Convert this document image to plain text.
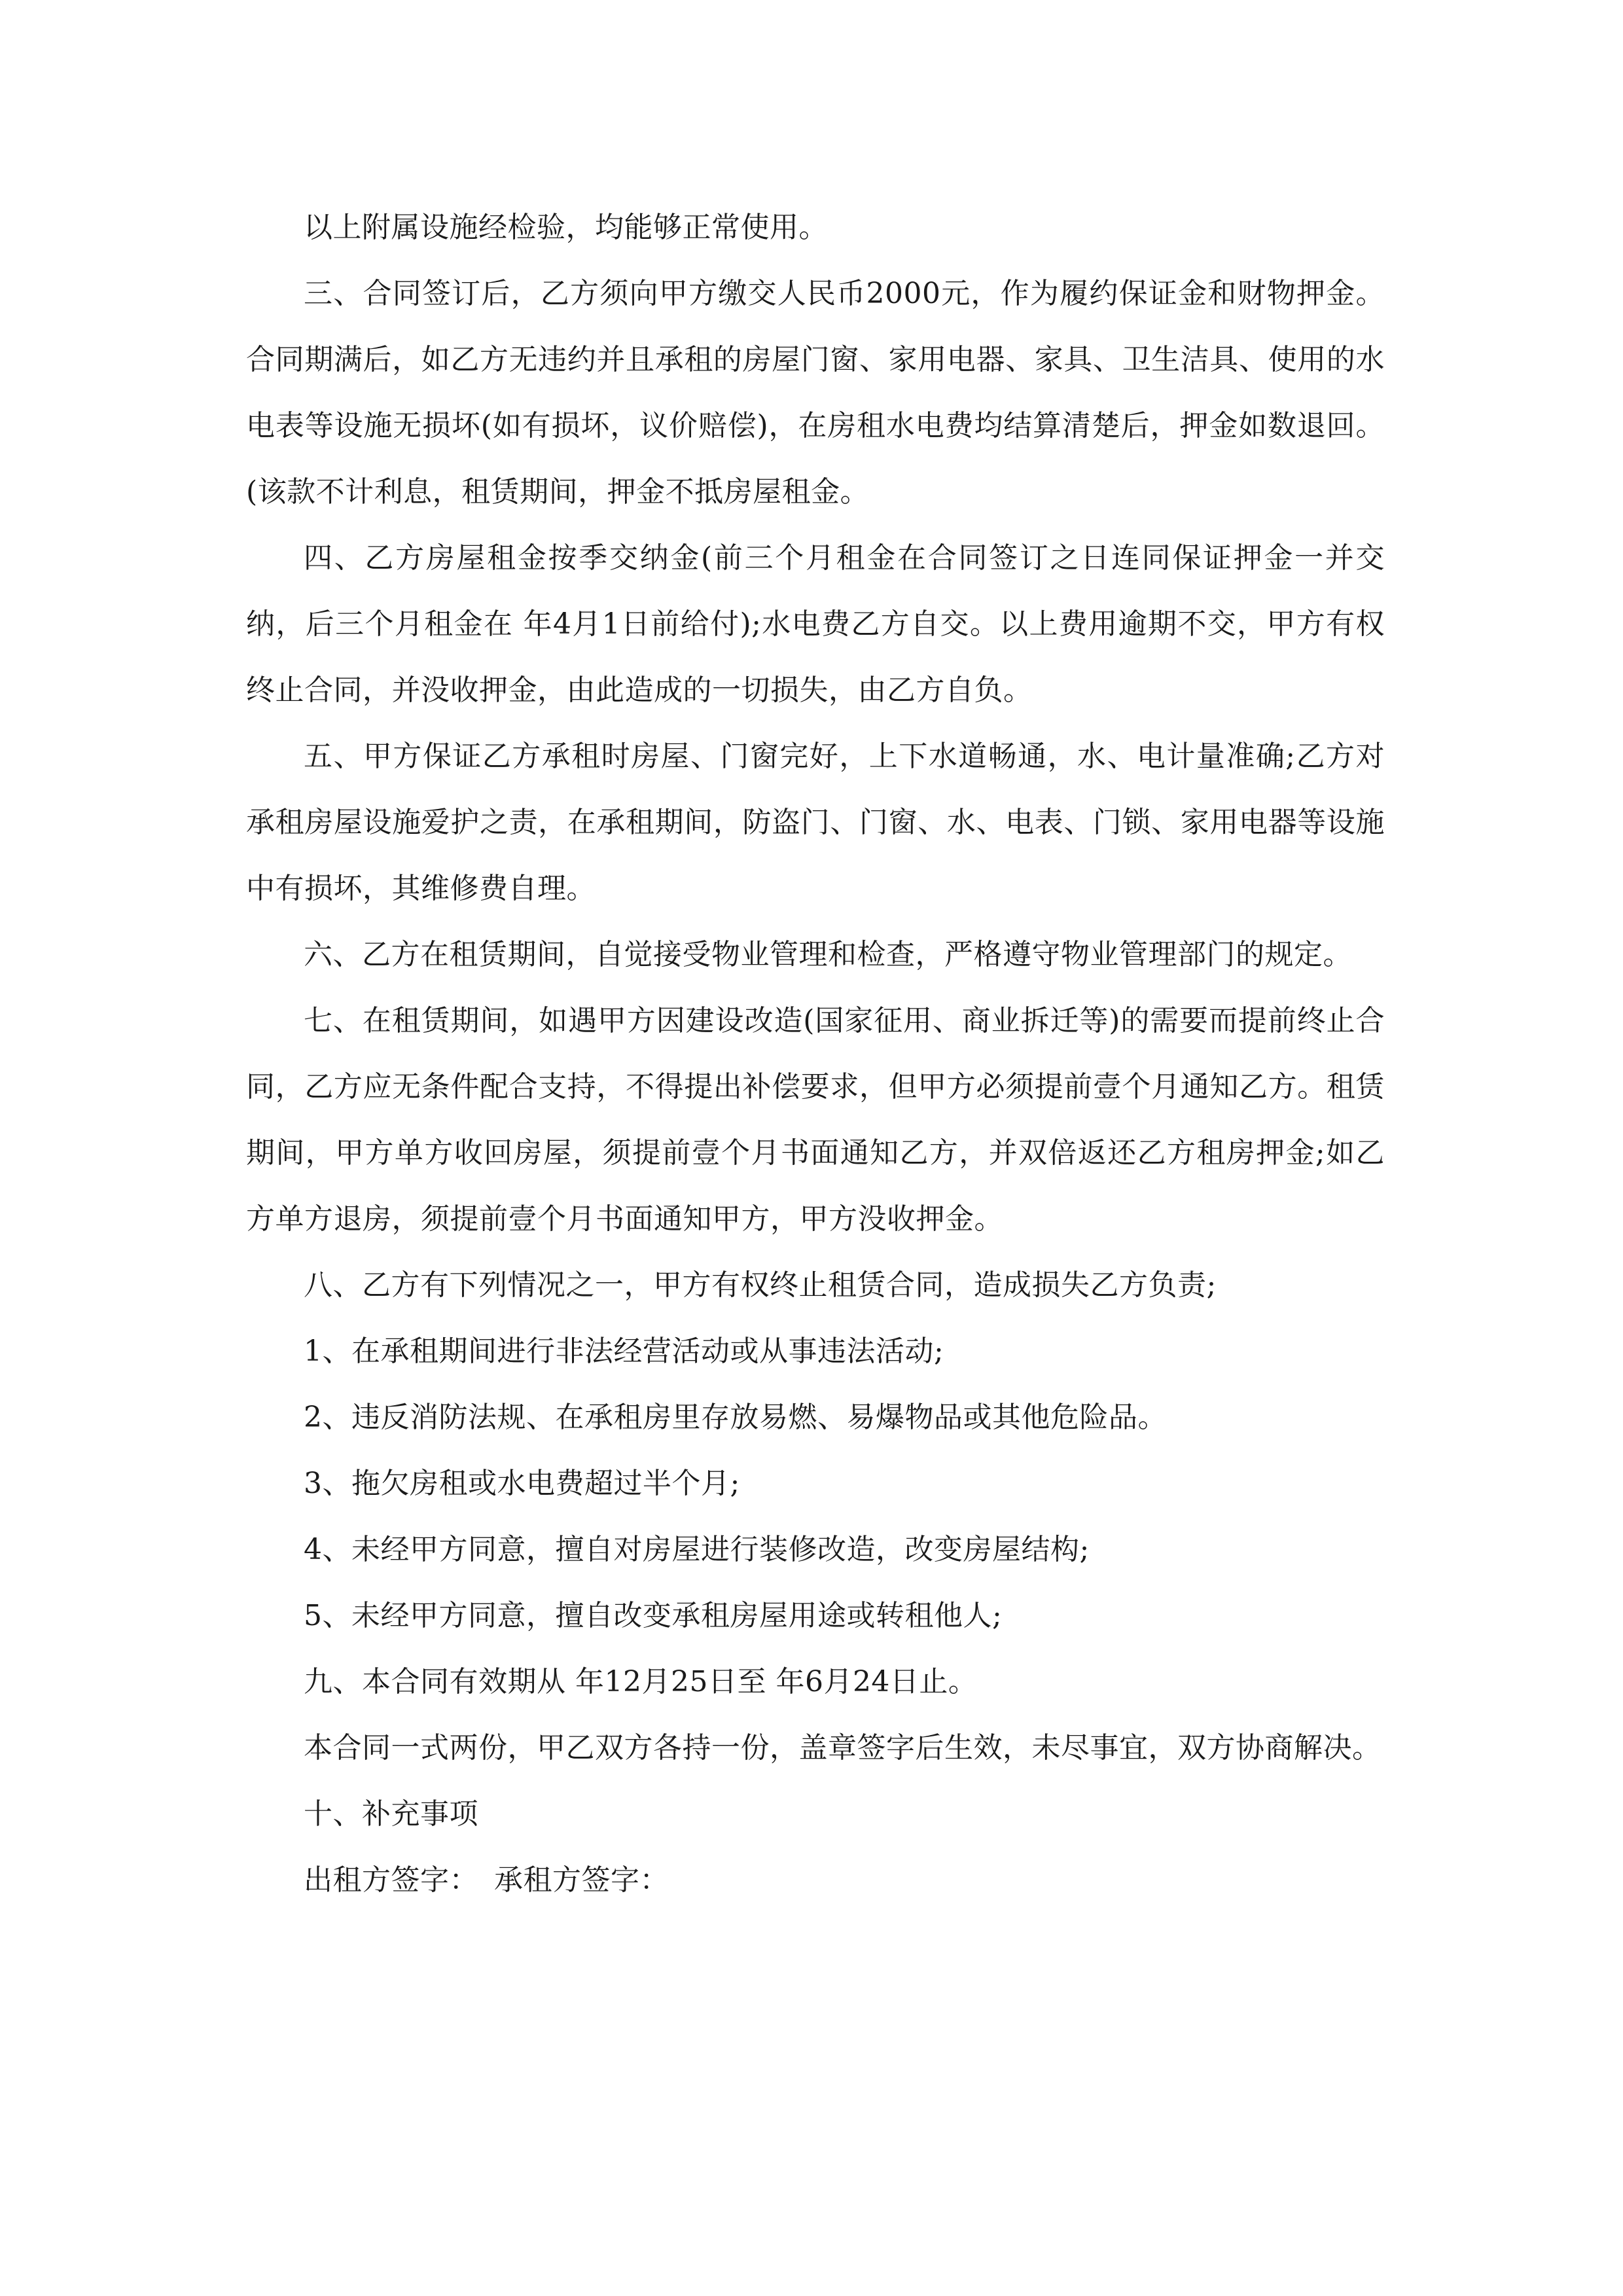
以上附属设施经检验，均能够正常使用。

三、合同签订后，乙方须向甲方缴交人民币2000元，作为履约保证金和财物押金。合同期满后，如乙方无违约并且承租的房屋门窗、家用电器、家具、卫生洁具、使用的水电表等设施无损坏(如有损坏，议价赔偿)，在房租水电费均结算清楚后，押金如数退回。(该款不计利息，租赁期间，押金不抵房屋租金。

四、乙方房屋租金按季交纳金(前三个月租金在合同签订之日连同保证押金一并交纳，后三个月租金在 年4月1日前给付);水电费乙方自交。以上费用逾期不交，甲方有权终止合同，并没收押金，由此造成的一切损失，由乙方自负。

五、甲方保证乙方承租时房屋、门窗完好，上下水道畅通，水、电计量准确;乙方对承租房屋设施爱护之责，在承租期间，防盗门、门窗、水、电表、门锁、家用电器等设施中有损坏，其维修费自理。

六、乙方在租赁期间，自觉接受物业管理和检查，严格遵守物业管理部门的规定。

七、在租赁期间，如遇甲方因建设改造(国家征用、商业拆迁等)的需要而提前终止合同，乙方应无条件配合支持，不得提出补偿要求，但甲方必须提前壹个月通知乙方。租赁期间，甲方单方收回房屋，须提前壹个月书面通知乙方，并双倍返还乙方租房押金;如乙方单方退房，须提前壹个月书面通知甲方，甲方没收押金。

八、乙方有下列情况之一，甲方有权终止租赁合同，造成损失乙方负责;

1、在承租期间进行非法经营活动或从事违法活动;

2、违反消防法规、在承租房里存放易燃、易爆物品或其他危险品。

3、拖欠房租或水电费超过半个月;

4、未经甲方同意，擅自对房屋进行装修改造，改变房屋结构;

5、未经甲方同意，擅自改变承租房屋用途或转租他人;

九、本合同有效期从 年12月25日至 年6月24日止。

本合同一式两份，甲乙双方各持一份，盖章签字后生效，未尽事宜，双方协商解决。

十、补充事项

出租方签字： 承租方签字：
